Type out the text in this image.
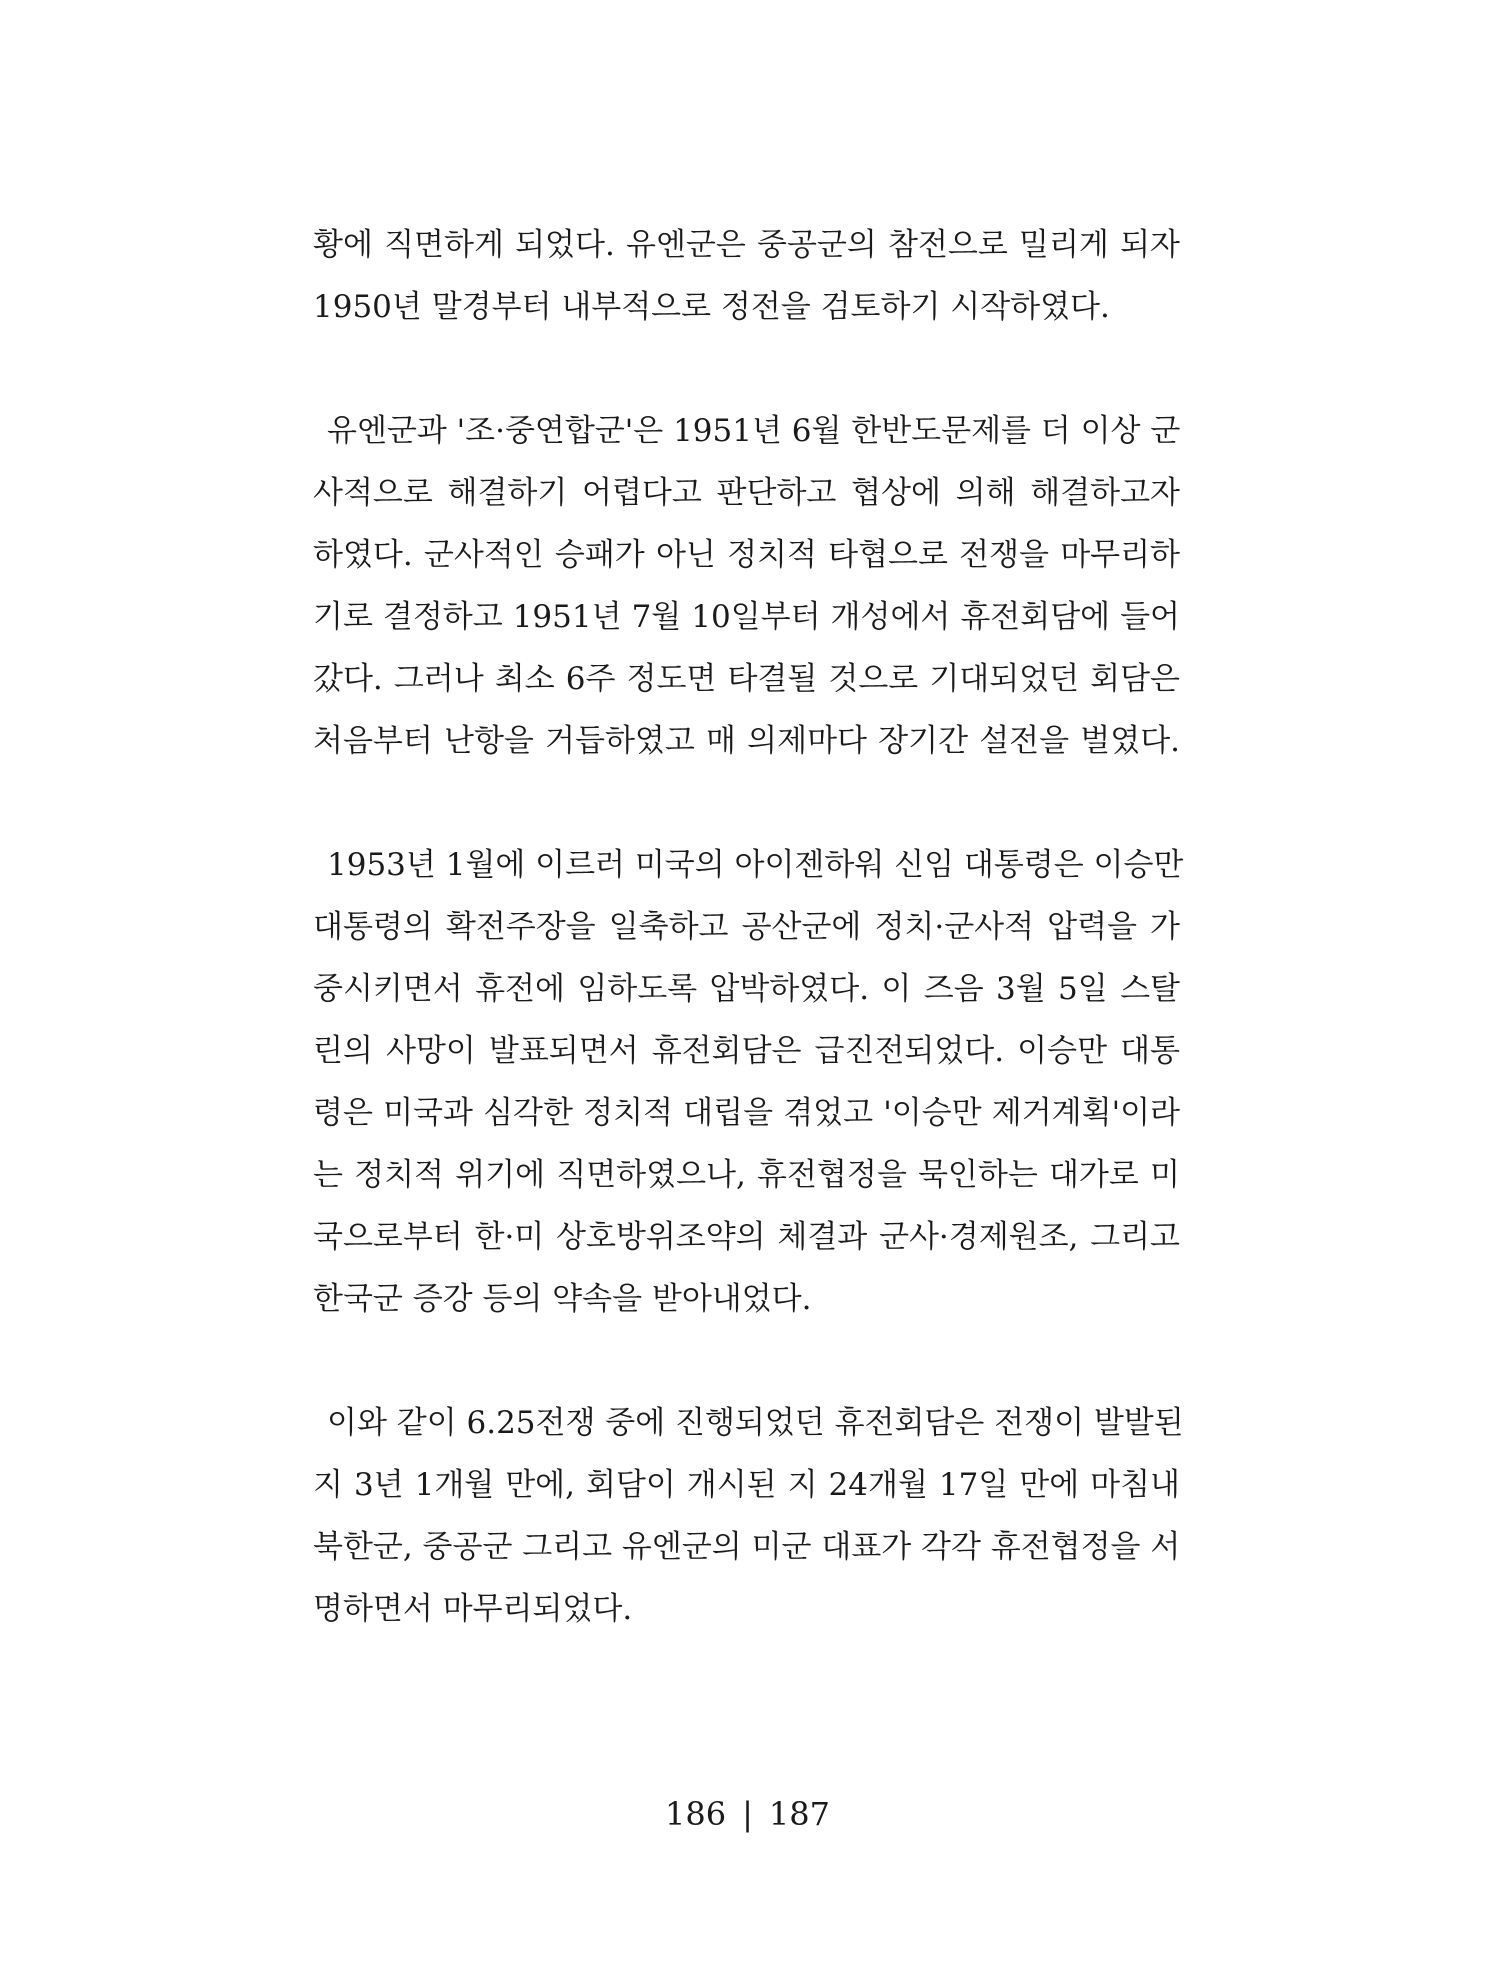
황에 직면하게 되었다. 유엔군은 중공군의 참전으로 밀리게 되자
1950년 말경부터 내부적으로 정전을 검토하기 시작하였다.
유엔군과 '조·중연합군'은 1951년 6월 한반도문제를 더 이상 군
사적으로 해결하기 어렵다고 판단하고 협상에 의해 해결하고자
하였다. 군사적인 승패가 아닌 정치적 타협으로 전쟁을 마무리하
기로 결정하고 1951년 7월 10일부터 개성에서 휴전회담에 들어
갔다. 그러나 최소 6주 정도면 타결될 것으로 기대되었던 회담은
처음부터 난항을 거듭하였고 매 의제마다 장기간 설전을 벌였다.
1953년 1월에 이르러 미국의 아이젠하워 신임 대통령은 이승만
대통령의 확전주장을 일축하고 공산군에 정치·군사적 압력을 가
중시키면서 휴전에 임하도록 압박하였다. 이 즈음 3월 5일 스탈
린의 사망이 발표되면서 휴전회담은 급진전되었다. 이승만 대통
령은 미국과 심각한 정치적 대립을 겪었고 '이승만 제거계획'이라
는 정치적 위기에 직면하였으나, 휴전협정을 묵인하는 대가로 미
국으로부터 한·미 상호방위조약의 체결과 군사·경제원조, 그리고
한국군 증강 등의 약속을 받아내었다.
이와 같이 6.25전쟁 중에 진행되었던 휴전회담은 전쟁이 발발된
지 3년 1개월 만에, 회담이 개시된 지 24개월 17일 만에 마침내
북한군, 중공군 그리고 유엔군의 미군 대표가 각각 휴전협정을 서
명하면서 마무리되었다.
186 | 187
